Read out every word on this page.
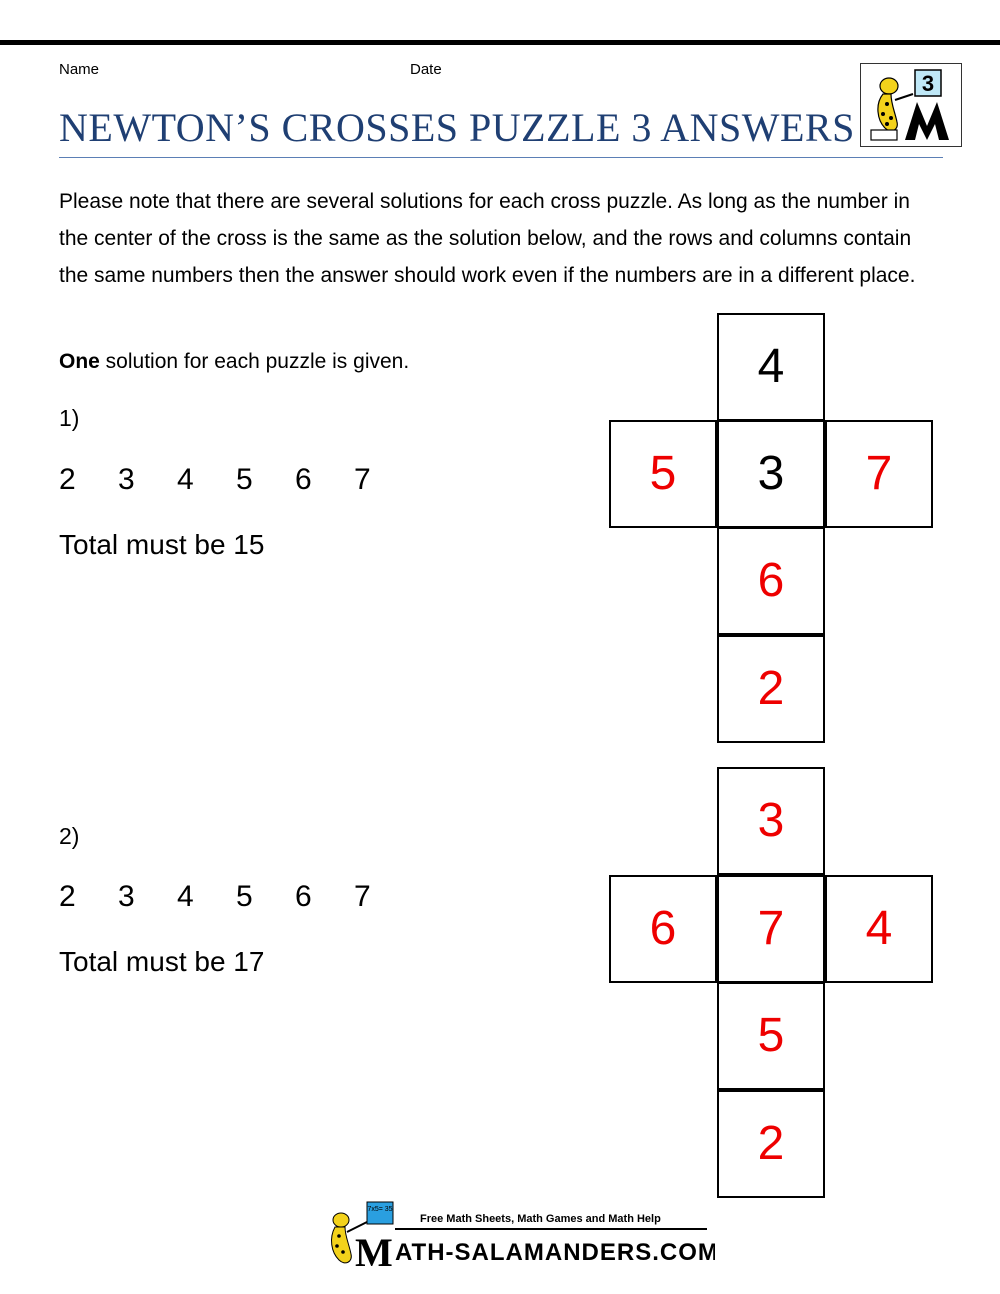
Name	Date
NEWTON’S CROSSES PUZZLE 3 ANSWERS
3

Please note that there are several solutions for each cross puzzle. As long as the number in the center of the cross is the same as the solution below, and the rows and columns contain the same numbers then the answer should work even if the numbers are in a different place.

One solution for each puzzle is given.
1)
2	3	4	5	6	7
Total must be 15
4
5	3	7
6
2
2)
2	3	4	5	6	7
Total must be 17
3
6	7	4
5
2
7x5= 35
M
Free Math Sheets, Math Games and Math Help
ATH-SALAMANDERS.COM
